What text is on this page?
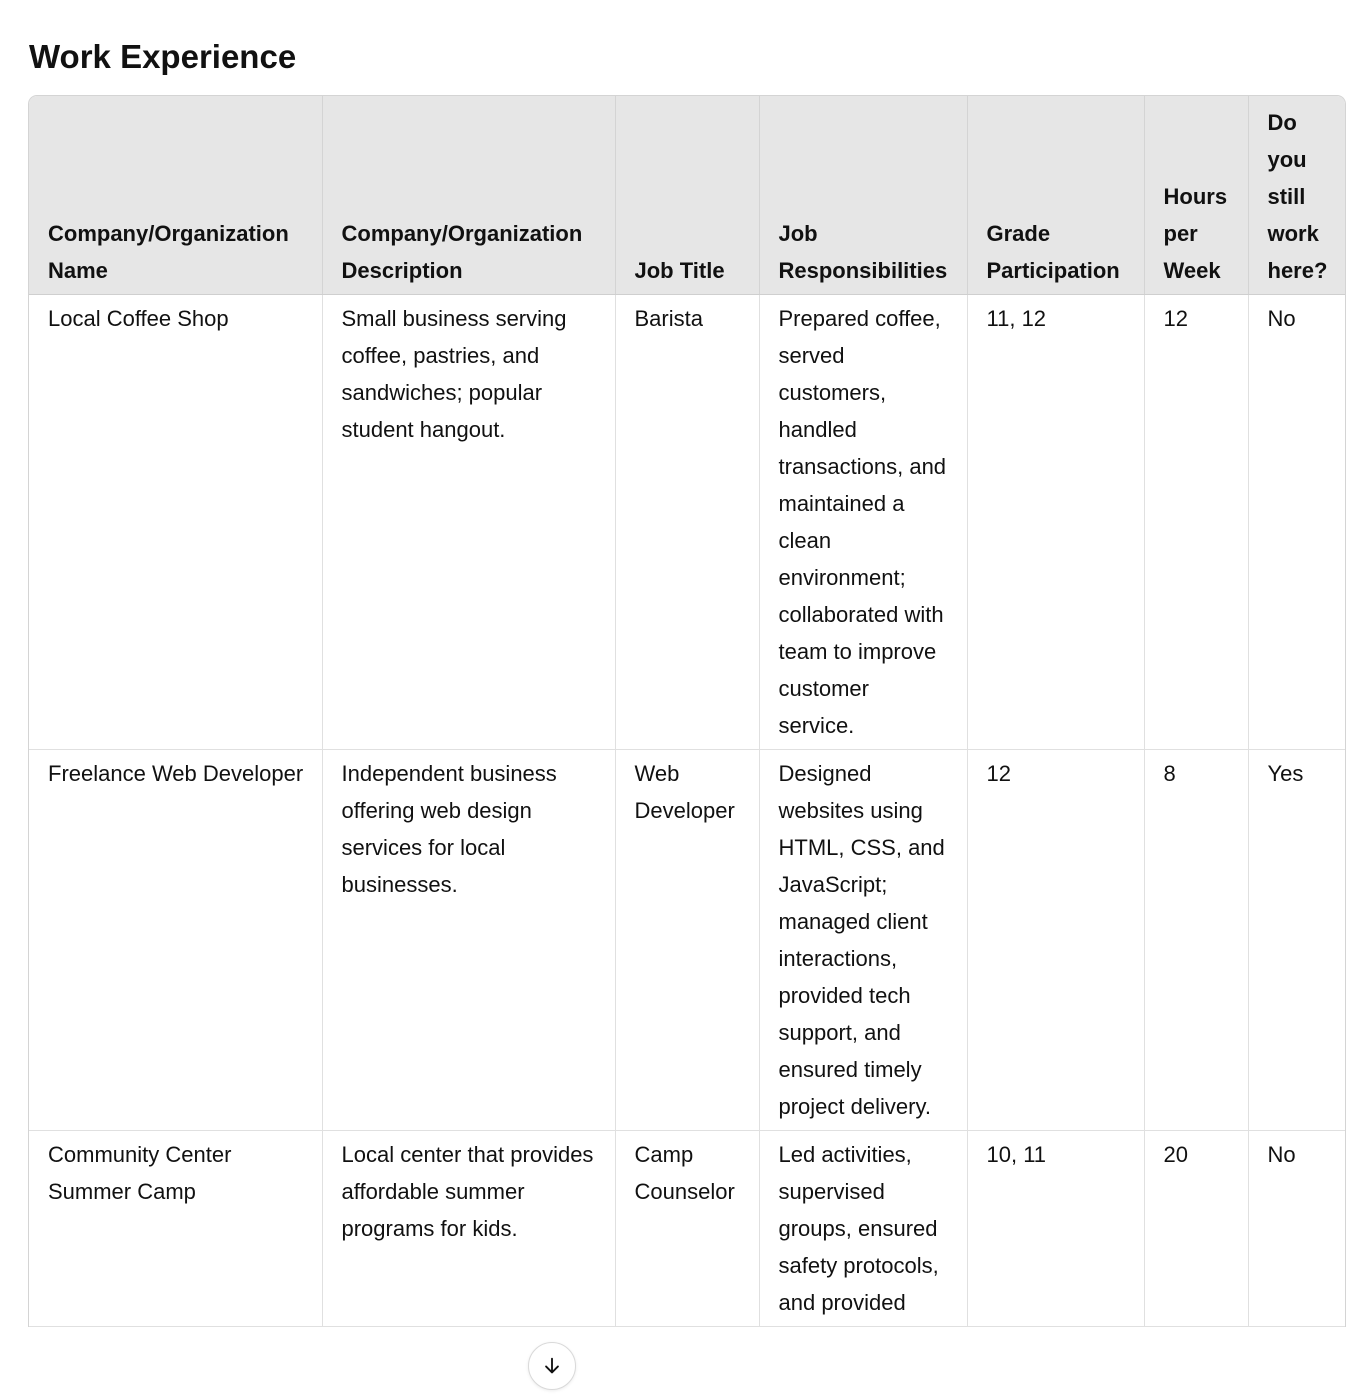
Work Experience
Company/Organization Name	Company/Organization Description	Job Title	Job Responsibilities	Grade Participation	Hours per Week	Do you still work here?
Local Coffee Shop	Small business serving coffee, pastries, and sandwiches; popular student hangout.	Barista	Prepared coffee, served customers, handled transactions, and maintained a clean environment; collaborated with team to improve customer service.	11, 12	12	No
Freelance Web Developer	Independent business offering web design services for local businesses.	Web Developer	Designed websites using HTML, CSS, and JavaScript; managed client interactions, provided tech support, and ensured timely project delivery.	12	8	Yes
Community Center Summer Camp	Local center that provides affordable summer programs for kids.	Camp Counselor	Led activities, supervised groups, ensured safety protocols, and provided	10, 11	20	No
